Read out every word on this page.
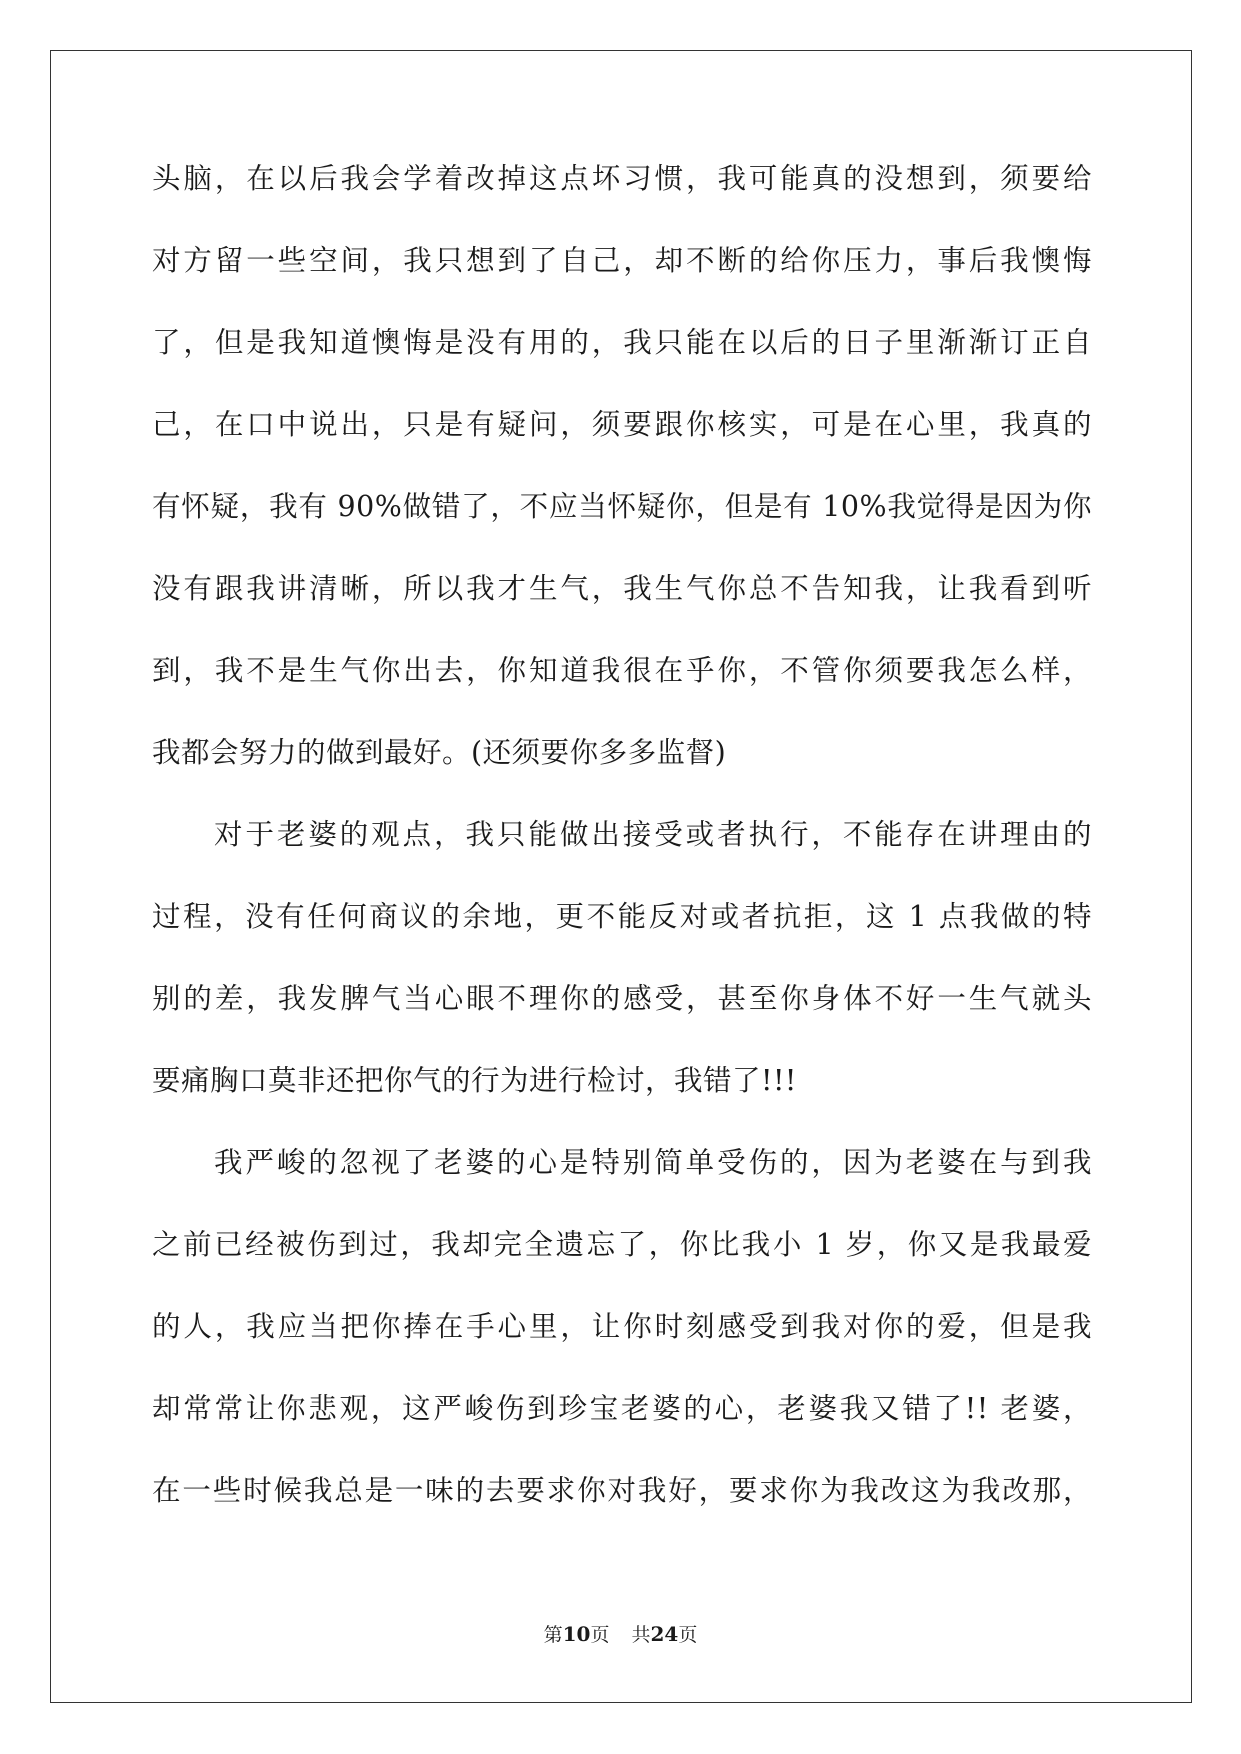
头脑，在以后我会学着改掉这点坏习惯，我可能真的没想到，须要给
对方留一些空间，我只想到了自己，却不断的给你压力，事后我懊悔
了，但是我知道懊悔是没有用的，我只能在以后的日子里渐渐订正自
己，在口中说出，只是有疑问，须要跟你核实，可是在心里，我真的
有怀疑，我有 90%做错了，不应当怀疑你，但是有 10%我觉得是因为你
没有跟我讲清晰，所以我才生气，我生气你总不告知我，让我看到听
到，我不是生气你出去，你知道我很在乎你，不管你须要我怎么样，
我都会努力的做到最好。(还须要你多多监督)
对于老婆的观点，我只能做出接受或者执行，不能存在讲理由的
过程，没有任何商议的余地，更不能反对或者抗拒，这 1 点我做的特
别的差，我发脾气当心眼不理你的感受，甚至你身体不好一生气就头
要痛胸口莫非还把你气的行为进行检讨，我错了!!!
我严峻的忽视了老婆的心是特别简单受伤的，因为老婆在与到我
之前已经被伤到过，我却完全遗忘了，你比我小 1 岁，你又是我最爱
的人，我应当把你捧在手心里，让你时刻感受到我对你的爱，但是我
却常常让你悲观，这严峻伤到珍宝老婆的心，老婆我又错了!! 老婆，
在一些时候我总是一味的去要求你对我好，要求你为我改这为我改那，
第10页 共24页
